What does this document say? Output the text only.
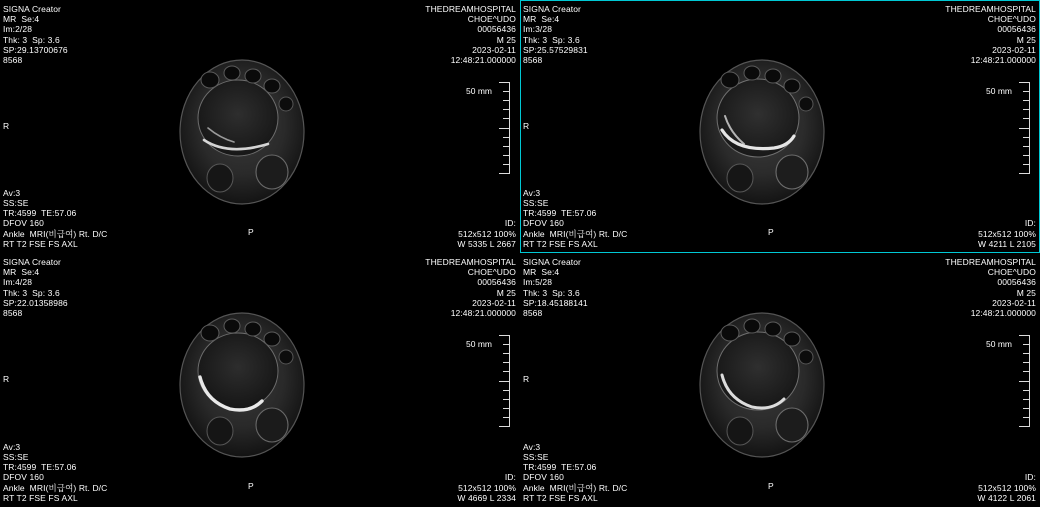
SIGNA Creator
MR  Se:4
Im:2/28
Thk: 3  Sp: 3.6
SP:29.13700676
8568
THEDREAMHOSPITAL
CHOE^UDO
00056436
M 25
2023-02-11
12:48:21.000000
Av:3
SS:SE
TR:4599  TE:57.06
DFOV 160
Ankle  MRI(비급여) Rt. D/C
RT T2 FSE FS AXL
ID:
512x512 100%
W 5335 L 2667
R
P
50 mm
SIGNA Creator
MR  Se:4
Im:3/28
Thk: 3  Sp: 3.6
SP:25.57529831
8568
THEDREAMHOSPITAL
CHOE^UDO
00056436
M 25
2023-02-11
12:48:21.000000
Av:3
SS:SE
TR:4599  TE:57.06
DFOV 160
Ankle  MRI(비급여) Rt. D/C
RT T2 FSE FS AXL
ID:
512x512 100%
W 4211 L 2105
R
P
50 mm
SIGNA Creator
MR  Se:4
Im:4/28
Thk: 3  Sp: 3.6
SP:22.01358986
8568
THEDREAMHOSPITAL
CHOE^UDO
00056436
M 25
2023-02-11
12:48:21.000000
Av:3
SS:SE
TR:4599  TE:57.06
DFOV 160
Ankle  MRI(비급여) Rt. D/C
RT T2 FSE FS AXL
ID:
512x512 100%
W 4669 L 2334
R
P
50 mm
SIGNA Creator
MR  Se:4
Im:5/28
Thk: 3  Sp: 3.6
SP:18.45188141
8568
THEDREAMHOSPITAL
CHOE^UDO
00056436
M 25
2023-02-11
12:48:21.000000
Av:3
SS:SE
TR:4599  TE:57.06
DFOV 160
Ankle  MRI(비급여) Rt. D/C
RT T2 FSE FS AXL
ID:
512x512 100%
W 4122 L 2061
R
P
50 mm
